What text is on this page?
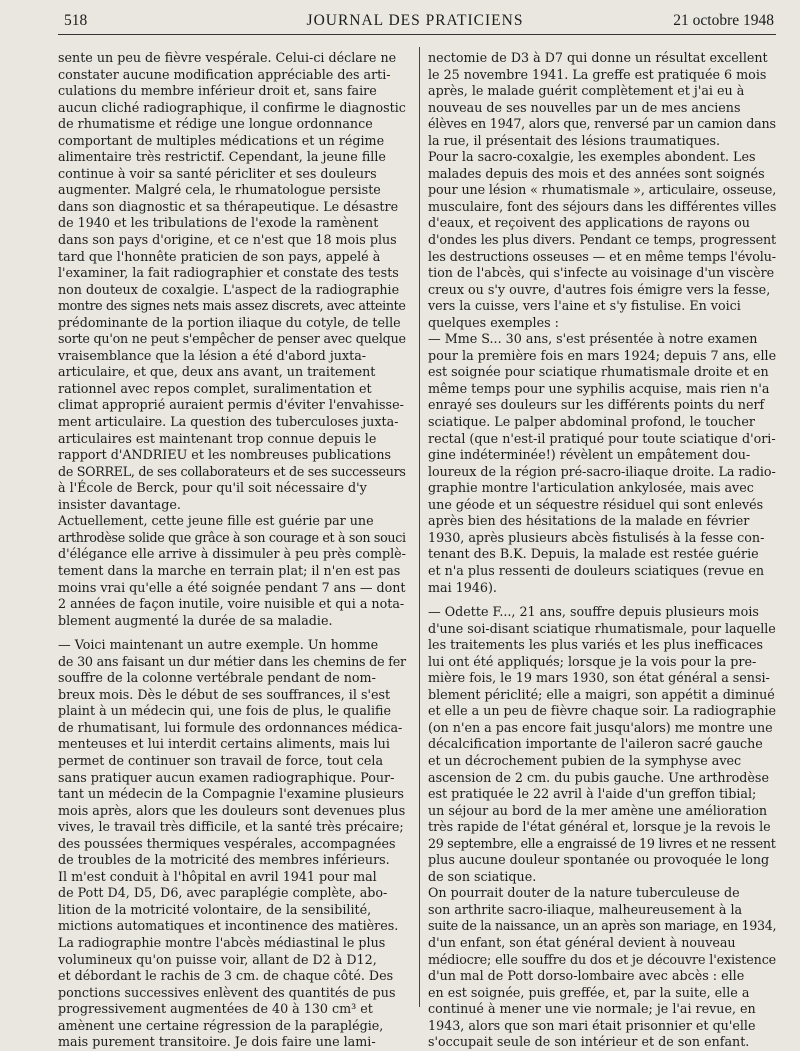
518	JOURNAL DES PRATICIENS	21 octobre 1948
sente un peu de fièvre vespérale. Celui-ci déclare ne
constater aucune modification appréciable des arti-
culations du membre inférieur droit et, sans faire
aucun cliché radiographique, il confirme le diagnostic
de rhumatisme et rédige une longue ordonnance
comportant de multiples médications et un régime
alimentaire très restrictif. Cependant, la jeune fille
continue à voir sa santé péricliter et ses douleurs
augmenter. Malgré cela, le rhumatologue persiste
dans son diagnostic et sa thérapeutique. Le désastre
de 1940 et les tribulations de l'exode la ramènent
dans son pays d'origine, et ce n'est que 18 mois plus
tard que l'honnête praticien de son pays, appelé à
l'examiner, la fait radiographier et constate des tests
non douteux de coxalgie. L'aspect de la radiographie
montre des signes nets mais assez discrets, avec atteinte
prédominante de la portion iliaque du cotyle, de telle
sorte qu'on ne peut s'empêcher de penser avec quelque
vraisemblance que la lésion a été d'abord juxta-
articulaire, et que, deux ans avant, un traitement
rationnel avec repos complet, suralimentation et
climat approprié auraient permis d'éviter l'envahisse-
ment articulaire. La question des tuberculoses juxta-
articulaires est maintenant trop connue depuis le
rapport d'ANDRIEU et les nombreuses publications
de SORREL, de ses collaborateurs et de ses successeurs
à l'École de Berck, pour qu'il soit nécessaire d'y
insister davantage.
Actuellement, cette jeune fille est guérie par une
arthrodèse solide que grâce à son courage et à son souci
d'élégance elle arrive à dissimuler à peu près complè-
tement dans la marche en terrain plat; il n'en est pas
moins vrai qu'elle a été soignée pendant 7 ans — dont
2 années de façon inutile, voire nuisible et qui a nota-
blement augmenté la durée de sa maladie.
— Voici maintenant un autre exemple. Un homme
de 30 ans faisant un dur métier dans les chemins de fer
souffre de la colonne vertébrale pendant de nom-
breux mois. Dès le début de ses souffrances, il s'est
plaint à un médecin qui, une fois de plus, le qualifie
de rhumatisant, lui formule des ordonnances médica-
menteuses et lui interdit certains aliments, mais lui
permet de continuer son travail de force, tout cela
sans pratiquer aucun examen radiographique. Pour-
tant un médecin de la Compagnie l'examine plusieurs
mois après, alors que les douleurs sont devenues plus
vives, le travail très difficile, et la santé très précaire;
des poussées thermiques vespérales, accompagnées
de troubles de la motricité des membres inférieurs.
Il m'est conduit à l'hôpital en avril 1941 pour mal
de Pott D4, D5, D6, avec paraplégie complète, abo-
lition de la motricité volontaire, de la sensibilité,
mictions automatiques et incontinence des matières.
La radiographie montre l'abcès médiastinal le plus
volumineux qu'on puisse voir, allant de D2 à D12,
et débordant le rachis de 3 cm. de chaque côté. Des
ponctions successives enlèvent des quantités de pus
progressivement augmentées de 40 à 130 cm³ et
amènent une certaine régression de la paraplégie,
mais purement transitoire. Je dois faire une lami-
nectomie de D3 à D7 qui donne un résultat excellent
le 25 novembre 1941. La greffe est pratiquée 6 mois
après, le malade guérit complètement et j'ai eu à
nouveau de ses nouvelles par un de mes anciens
élèves en 1947, alors que, renversé par un camion dans
la rue, il présentait des lésions traumatiques.
Pour la sacro-coxalgie, les exemples abondent. Les
malades depuis des mois et des années sont soignés
pour une lésion « rhumatismale », articulaire, osseuse,
musculaire, font des séjours dans les différentes villes
d'eaux, et reçoivent des applications de rayons ou
d'ondes les plus divers. Pendant ce temps, progressent
les destructions osseuses — et en même temps l'évolu-
tion de l'abcès, qui s'infecte au voisinage d'un viscère
creux ou s'y ouvre, d'autres fois émigre vers la fesse,
vers la cuisse, vers l'aine et s'y fistulise. En voici
quelques exemples :
— Mme S... 30 ans, s'est présentée à notre examen
pour la première fois en mars 1924; depuis 7 ans, elle
est soignée pour sciatique rhumatismale droite et en
même temps pour une syphilis acquise, mais rien n'a
enrayé ses douleurs sur les différents points du nerf
sciatique. Le palper abdominal profond, le toucher
rectal (que n'est-il pratiqué pour toute sciatique d'ori-
gine indéterminée!) révèlent un empâtement dou-
loureux de la région pré-sacro-iliaque droite. La radio-
graphie montre l'articulation ankylosée, mais avec
une géode et un séquestre résiduel qui sont enlevés
après bien des hésitations de la malade en février
1930, après plusieurs abcès fistulisés à la fesse con-
tenant des B.K. Depuis, la malade est restée guérie
et n'a plus ressenti de douleurs sciatiques (revue en
mai 1946).
— Odette F..., 21 ans, souffre depuis plusieurs mois
d'une soi-disant sciatique rhumatismale, pour laquelle
les traitements les plus variés et les plus inefficaces
lui ont été appliqués; lorsque je la vois pour la pre-
mière fois, le 19 mars 1930, son état général a sensi-
blement périclité; elle a maigri, son appétit a diminué
et elle a un peu de fièvre chaque soir. La radiographie
(on n'en a pas encore fait jusqu'alors) me montre une
décalcification importante de l'aileron sacré gauche
et un décrochement pubien de la symphyse avec
ascension de 2 cm. du pubis gauche. Une arthrodèse
est pratiquée le 22 avril à l'aide d'un greffon tibial;
un séjour au bord de la mer amène une amélioration
très rapide de l'état général et, lorsque je la revois le
29 septembre, elle a engraissé de 19 livres et ne ressent
plus aucune douleur spontanée ou provoquée le long
de son sciatique.
On pourrait douter de la nature tuberculeuse de
son arthrite sacro-iliaque, malheureusement à la
suite de la naissance, un an après son mariage, en 1934,
d'un enfant, son état général devient à nouveau
médiocre; elle souffre du dos et je découvre l'existence
d'un mal de Pott dorso-lombaire avec abcès : elle
en est soignée, puis greffée, et, par la suite, elle a
continué à mener une vie normale; je l'ai revue, en
1943, alors que son mari était prisonnier et qu'elle
s'occupait seule de son intérieur et de son enfant.
